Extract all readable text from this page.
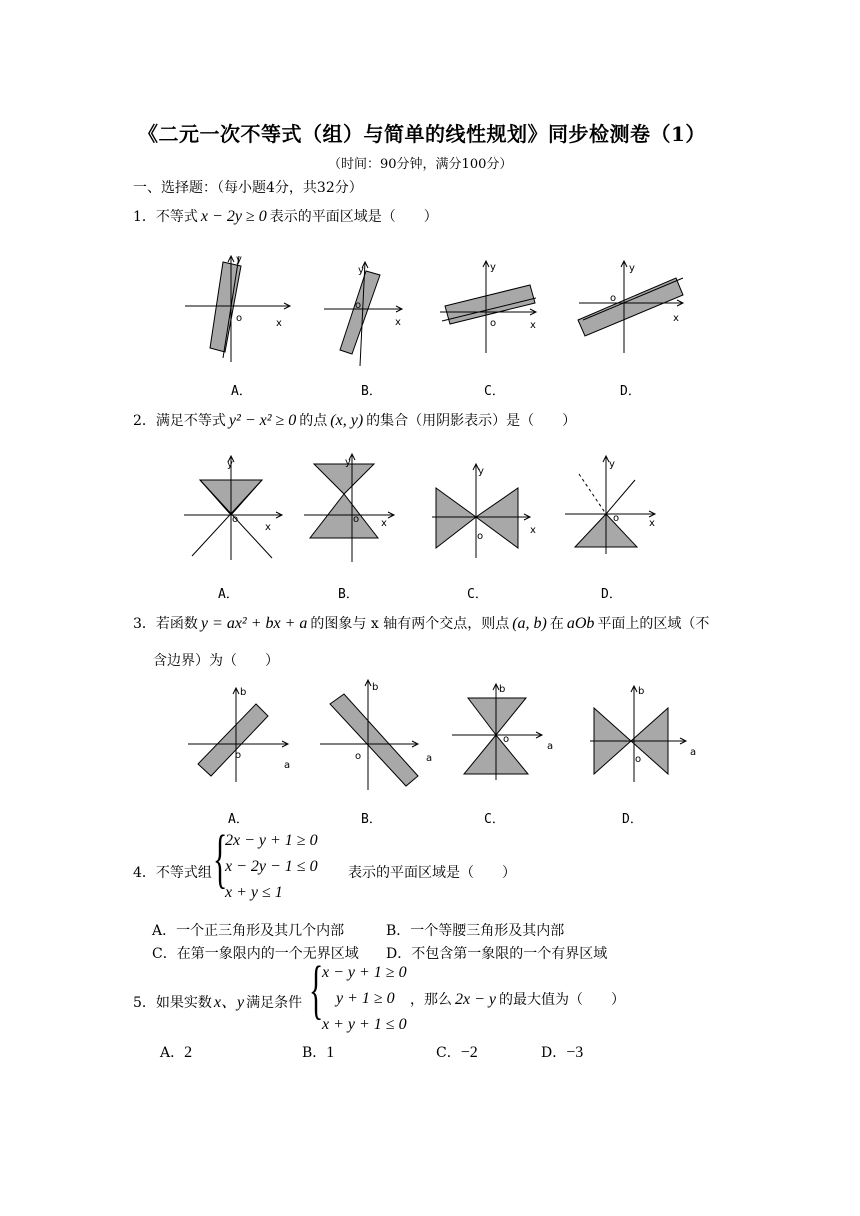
《二元一次不等式（组）与简单的线性规划》同步检测卷（1）
（时间：90分钟，满分100分）
一、选择题：（每小题4分，共32分）
1．不等式 x − 2y ≥ 0 表示的平面区域是（　　）
y
o	x
y
o
x
y
o	x
y
o
x
A．	B．	C．	D．
2．满足不等式 y² − x² ≥ 0 的点 (x, y) 的集合（用阴影表示）是（　　）
y
o
x
y
o x
y
o
x
y
o	x
A．	B．	C．	D．
3．若函数 y = ax² + bx + a 的图象与 x 轴有两个交点，则点 (a, b) 在 aOb 平面上的区域（不
含边界）为（　　）
b
o
a
b
o	a
b
o
a
b
o
a
A．	B．	C．	D．
4．不等式组 {
2x − y + 1 ≥ 0
x − 2y − 1 ≤ 0
x + y ≤ 1
表示的平面区域是（　　）
A．一个正三角形及其几个内部	B．一个等腰三角形及其内部
C．在第一象限内的一个无界区域 D．不包含第一象限的一个有界区域
5．如果实数 x、y 满足条件 {
x − y + 1 ≥ 0
y + 1 ≥ 0
x + y + 1 ≤ 0
，那么 2x − y 的最大值为（　　）
A．2	B．1	C．−2	D．−3
